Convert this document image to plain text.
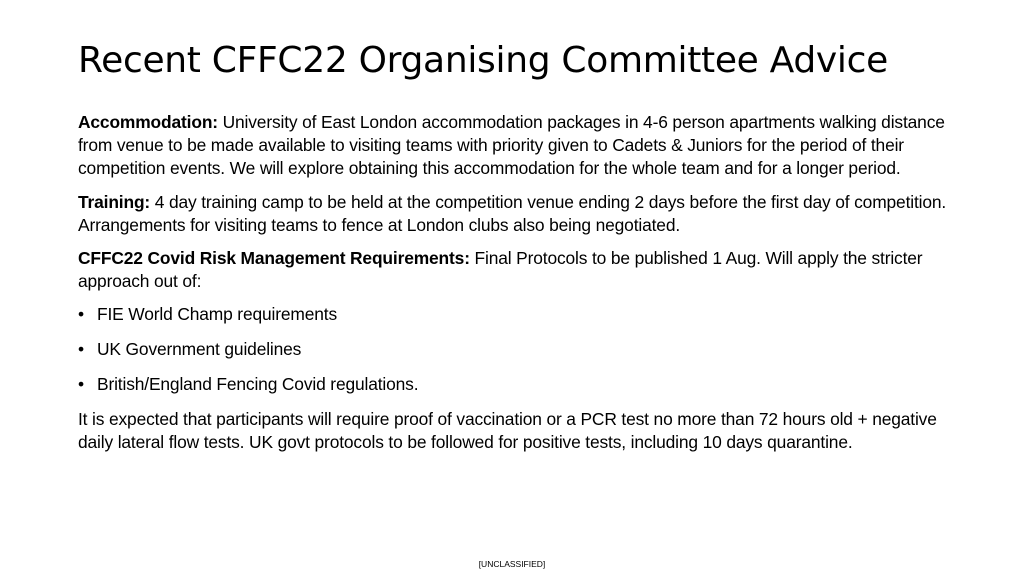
Recent CFFC22 Organising Committee Advice

Accommodation: University of East London accommodation packages in 4-6 person apartments walking distance from venue to be made available to visiting teams with priority given to Cadets & Juniors for the period of their competition events. We will explore obtaining this accommodation for the whole team and for a longer period.

Training: 4 day training camp to be held at the competition venue ending 2 days before the first day of competition. Arrangements for visiting teams to fence at London clubs also being negotiated.

CFFC22 Covid Risk Management Requirements: Final Protocols to be published 1 Aug. Will apply the stricter approach out of:

• FIE World Champ requirements
• UK Government guidelines
• British/England Fencing Covid regulations.

It is expected that participants will require proof of vaccination or a PCR test no more than 72 hours old + negative daily lateral flow tests. UK govt protocols to be followed for positive tests, including 10 days quarantine.

[UNCLASSIFIED]
